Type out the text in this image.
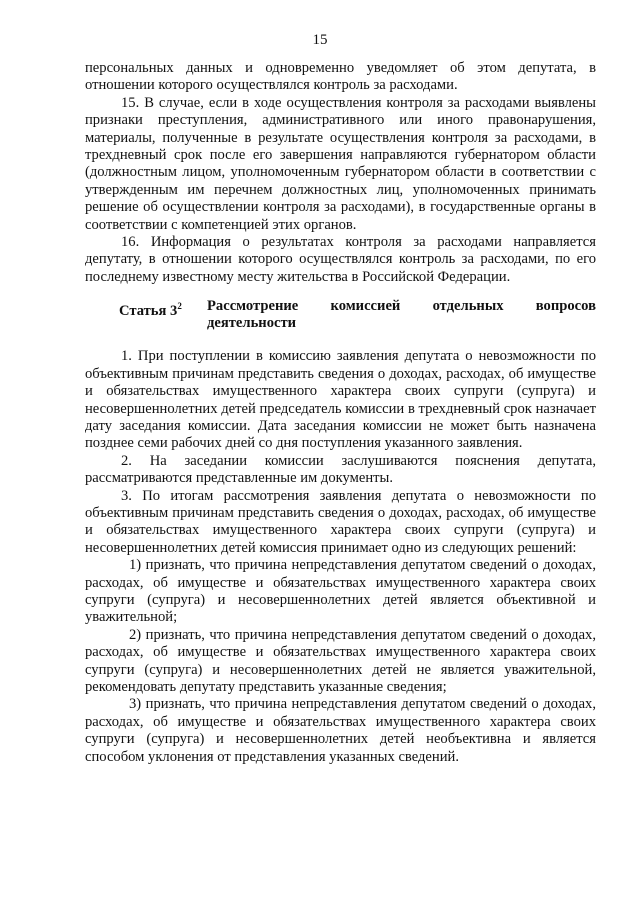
15

персональных данных и одновременно уведомляет об этом депутата, в отношении которого осуществлялся контроль за расходами.

15. В случае, если в ходе осуществления контроля за расходами выявлены признаки преступления, административного или иного правонарушения, материалы, полученные в результате осуществления контроля за расходами, в трехдневный срок после его завершения направляются губернатором области (должностным лицом, уполномоченным губернатором области в соответствии с утвержденным им перечнем должностных лиц, уполномоченных принимать решение об осуществлении контроля за расходами), в государственные органы в соответствии с компетенцией этих органов.

16. Информация о результатах контроля за расходами направляется депутату, в отношении которого осуществлялся контроль за расходами, по его последнему известному месту жительства в Российской Федерации.

Статья $3^2$	Рассмотрение комиссией отдельных вопросов
деятельности

1. При поступлении в комиссию заявления депутата о невозможности по объективным причинам представить сведения о доходах, расходах, об имуществе и обязательствах имущественного характера своих супруги (супруга) и несовершеннолетних детей председатель комиссии в трехдневный срок назначает дату заседания комиссии. Дата заседания комиссии не может быть назначена позднее семи рабочих дней со дня поступления указанного заявления.

2. На заседании комиссии заслушиваются пояснения депутата, рассматриваются представленные им документы.

3. По итогам рассмотрения заявления депутата о невозможности по объективным причинам представить сведения о доходах, расходах, об имуществе и обязательствах имущественного характера своих супруги (супруга) и несовершеннолетних детей комиссия принимает одно из следующих решений:

1) признать, что причина непредставления депутатом сведений о доходах, расходах, об имуществе и обязательствах имущественного характера своих супруги (супруга) и несовершеннолетних детей является объективной и уважительной;

2) признать, что причина непредставления депутатом сведений о доходах, расходах, об имуществе и обязательствах имущественного характера своих супруги (супруга) и несовершеннолетних детей не является уважительной, рекомендовать депутату представить указанные сведения;

3) признать, что причина непредставления депутатом сведений о доходах, расходах, об имуществе и обязательствах имущественного характера своих супруги (супруга) и несовершеннолетних детей необъективна и является способом уклонения от представления указанных сведений.
